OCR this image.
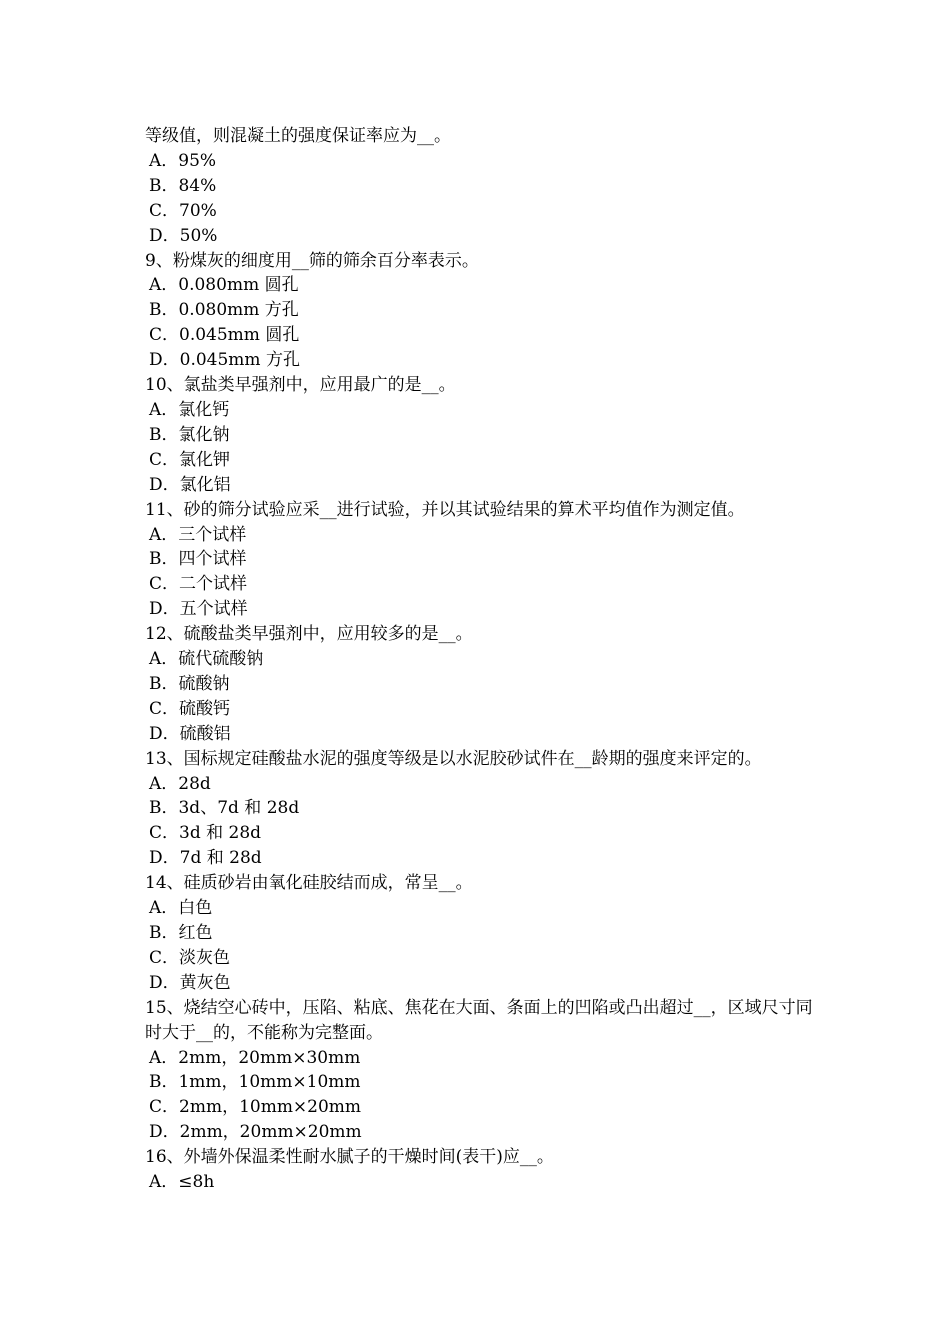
等级值，则混凝土的强度保证率应为__。
A．95%
B．84%
C．70%
D．50%
9、粉煤灰的细度用__筛的筛余百分率表示。
A．0.080mm 圆孔
B．0.080mm 方孔
C．0.045mm 圆孔
D．0.045mm 方孔
10、氯盐类早强剂中，应用最广的是__。
A．氯化钙
B．氯化钠
C．氯化钾
D．氯化铝
11、砂的筛分试验应采__进行试验，并以其试验结果的算术平均值作为测定值。
A．三个试样
B．四个试样
C．二个试样
D．五个试样
12、硫酸盐类早强剂中，应用较多的是__。
A．硫代硫酸钠
B．硫酸钠
C．硫酸钙
D．硫酸铝
13、国标规定硅酸盐水泥的强度等级是以水泥胶砂试件在__龄期的强度来评定的。
A．28d
B．3d、7d 和 28d
C．3d 和 28d
D．7d 和 28d
14、硅质砂岩由氧化硅胶结而成，常呈__。
A．白色
B．红色
C．淡灰色
D．黄灰色
15、烧结空心砖中，压陷、粘底、焦花在大面、条面上的凹陷或凸出超过__，区域尺寸同时大于__的，不能称为完整面。
A．2mm，20mm×30mm
B．1mm，10mm×10mm
C．2mm，10mm×20mm
D．2mm，20mm×20mm
16、外墙外保温柔性耐水腻子的干燥时间(表干)应__。
A．≤8h
